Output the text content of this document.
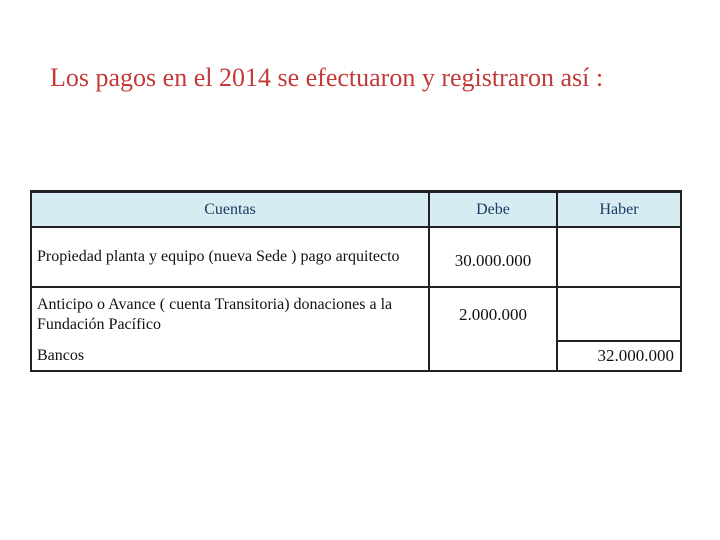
Los pagos en el 2014 se efectuaron y registraron así :
Cuentas	Debe	Haber
Propiedad planta y equipo (nueva Sede ) pago arquitecto	30.000.000	
Anticipo o Avance ( cuenta Transitoria) donaciones a la Fundación Pacífico	2.000.000	
Bancos		32.000.000
